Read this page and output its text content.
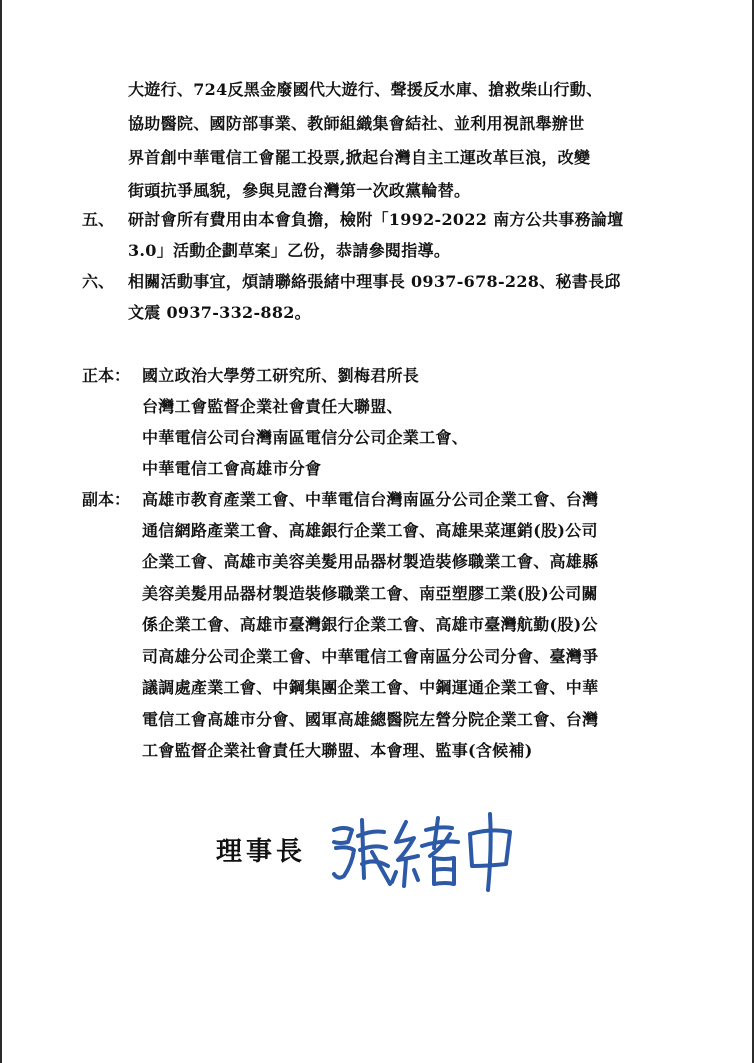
大遊行、724反黑金廢國代大遊行、聲援反水庫、搶救柴山行動、
協助醫院、國防部事業、教師組織集會結社、並利用視訊舉辦世
界首創中華電信工會罷工投票,掀起台灣自主工運改革巨浪，改變
街頭抗爭風貌，參與見證台灣第一次政黨輪替。
五、 研討會所有費用由本會負擔，檢附「1992-2022 南方公共事務論壇
3.0」活動企劃草案」乙份，恭請參閱指導。
六、 相關活動事宜，煩請聯絡張緒中理事長 0937-678-228、秘書長邱
文震 0937-332-882。
正本： 國立政治大學勞工研究所、劉梅君所長
台灣工會監督企業社會責任大聯盟、
中華電信公司台灣南區電信分公司企業工會、
中華電信工會高雄市分會
副本： 高雄市教育產業工會、中華電信台灣南區分公司企業工會、台灣
通信網路產業工會、高雄銀行企業工會、高雄果菜運銷(股)公司
企業工會、高雄市美容美髮用品器材製造裝修職業工會、高雄縣
美容美髮用品器材製造裝修職業工會、南亞塑膠工業(股)公司關
係企業工會、高雄市臺灣銀行企業工會、高雄市臺灣航勤(股)公
司高雄分公司企業工會、中華電信工會南區分公司分會、臺灣爭
議調處產業工會、中鋼集團企業工會、中鋼運通企業工會、中華
電信工會高雄市分會、國軍高雄總醫院左營分院企業工會、台灣
工會監督企業社會責任大聯盟、本會理、監事(含候補)
理事長
